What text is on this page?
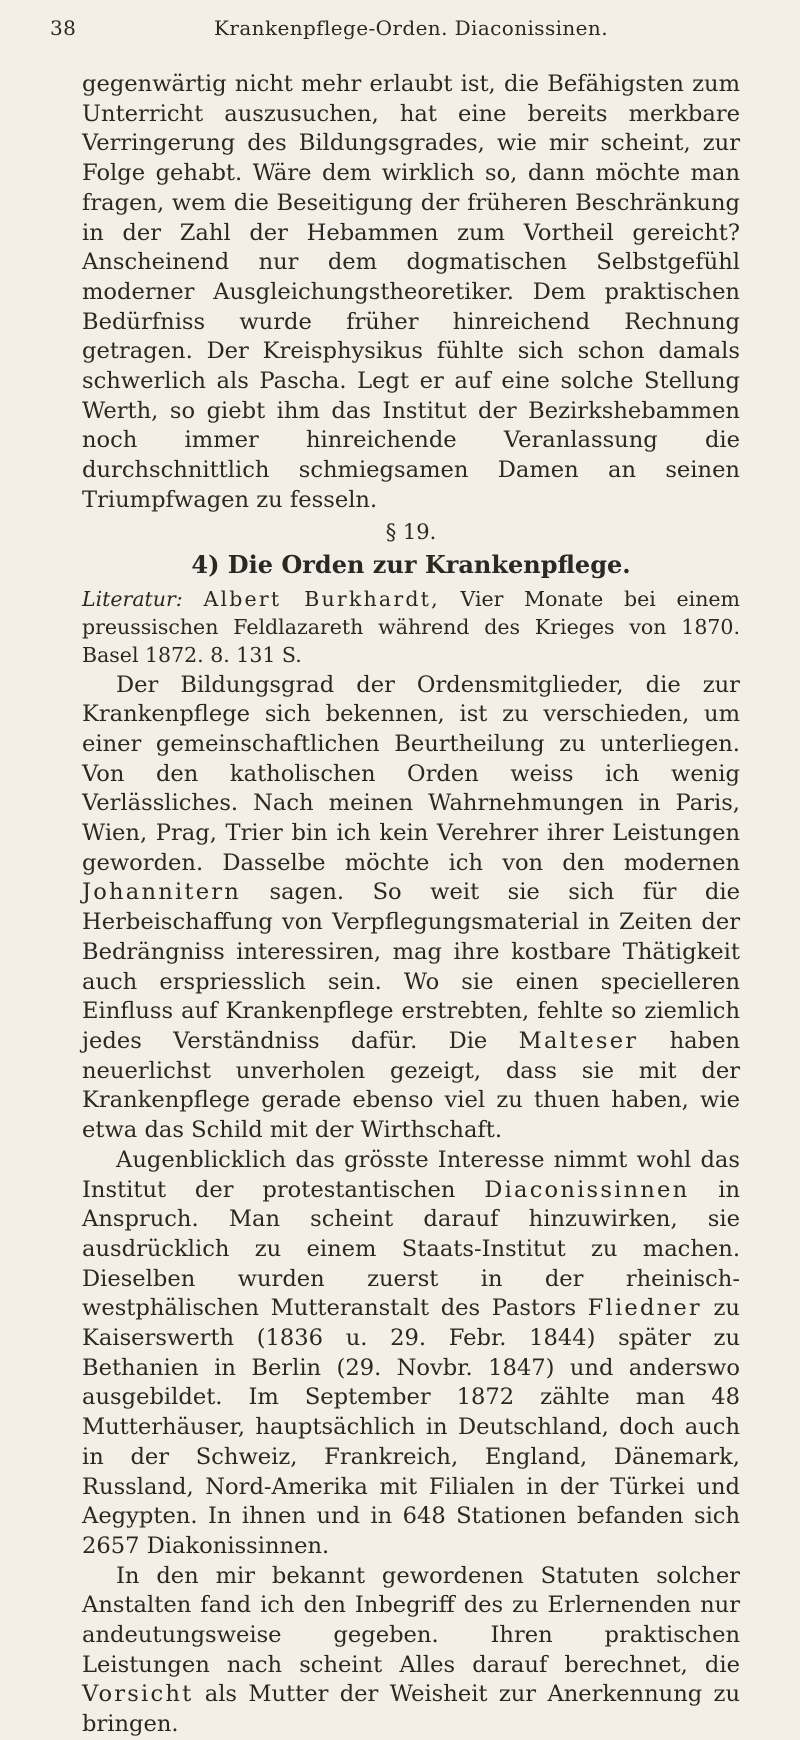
38	Krankenpflege-Orden. Diaconissinen.

gegenwärtig nicht mehr erlaubt ist, die Befähigsten zum Unterricht auszusuchen, hat eine bereits merkbare Verringerung des Bildungsgrades, wie mir scheint, zur Folge gehabt. Wäre dem wirklich so, dann möchte man fragen, wem die Beseitigung der früheren Beschränkung in der Zahl der Hebammen zum Vortheil gereicht? Anscheinend nur dem dogmatischen Selbstgefühl moderner Ausgleichungstheoretiker. Dem praktischen Bedürfniss wurde früher hinreichend Rechnung getragen. Der Kreisphysikus fühlte sich schon damals schwerlich als Pascha. Legt er auf eine solche Stellung Werth, so giebt ihm das Institut der Bezirkshebammen noch immer hinreichende Veranlassung die durchschnittlich schmiegsamen Damen an seinen Triumpfwagen zu fesseln.

§ 19.
4) Die Orden zur Krankenpflege.

Literatur: Albert Burkhardt, Vier Monate bei einem preussischen Feldlazareth während des Krieges von 1870. Basel 1872. 8. 131 S.

Der Bildungsgrad der Ordensmitglieder, die zur Krankenpflege sich bekennen, ist zu verschieden, um einer gemeinschaftlichen Beurtheilung zu unterliegen. Von den katholischen Orden weiss ich wenig Verlässliches. Nach meinen Wahrnehmungen in Paris, Wien, Prag, Trier bin ich kein Verehrer ihrer Leistungen geworden. Dasselbe möchte ich von den modernen Johannitern sagen. So weit sie sich für die Herbeischaffung von Verpflegungsmaterial in Zeiten der Bedrängniss interessiren, mag ihre kostbare Thätigkeit auch erspriesslich sein. Wo sie einen specielleren Einfluss auf Krankenpflege erstrebten, fehlte so ziemlich jedes Verständniss dafür. Die Malteser haben neuerlichst unverholen gezeigt, dass sie mit der Krankenpflege gerade ebenso viel zu thuen haben, wie etwa das Schild mit der Wirthschaft.

Augenblicklich das grösste Interesse nimmt wohl das Institut der protestantischen Diaconissinnen in Anspruch. Man scheint darauf hinzuwirken, sie ausdrücklich zu einem Staats-Institut zu machen. Dieselben wurden zuerst in der rheinisch-westphälischen Mutteranstalt des Pastors Fliedner zu Kaiserswerth (1836 u. 29. Febr. 1844) später zu Bethanien in Berlin (29. Novbr. 1847) und anderswo ausgebildet. Im September 1872 zählte man 48 Mutterhäuser, hauptsächlich in Deutschland, doch auch in der Schweiz, Frankreich, England, Dänemark, Russland, Nord-Amerika mit Filialen in der Türkei und Aegypten. In ihnen und in 648 Stationen befanden sich 2657 Diakonissinnen.

In den mir bekannt gewordenen Statuten solcher Anstalten fand ich den Inbegriff des zu Erlernenden nur andeutungsweise gegeben. Ihren praktischen Leistungen nach scheint Alles darauf berechnet, die Vorsicht als Mutter der Weisheit zur Anerkennung zu bringen.
